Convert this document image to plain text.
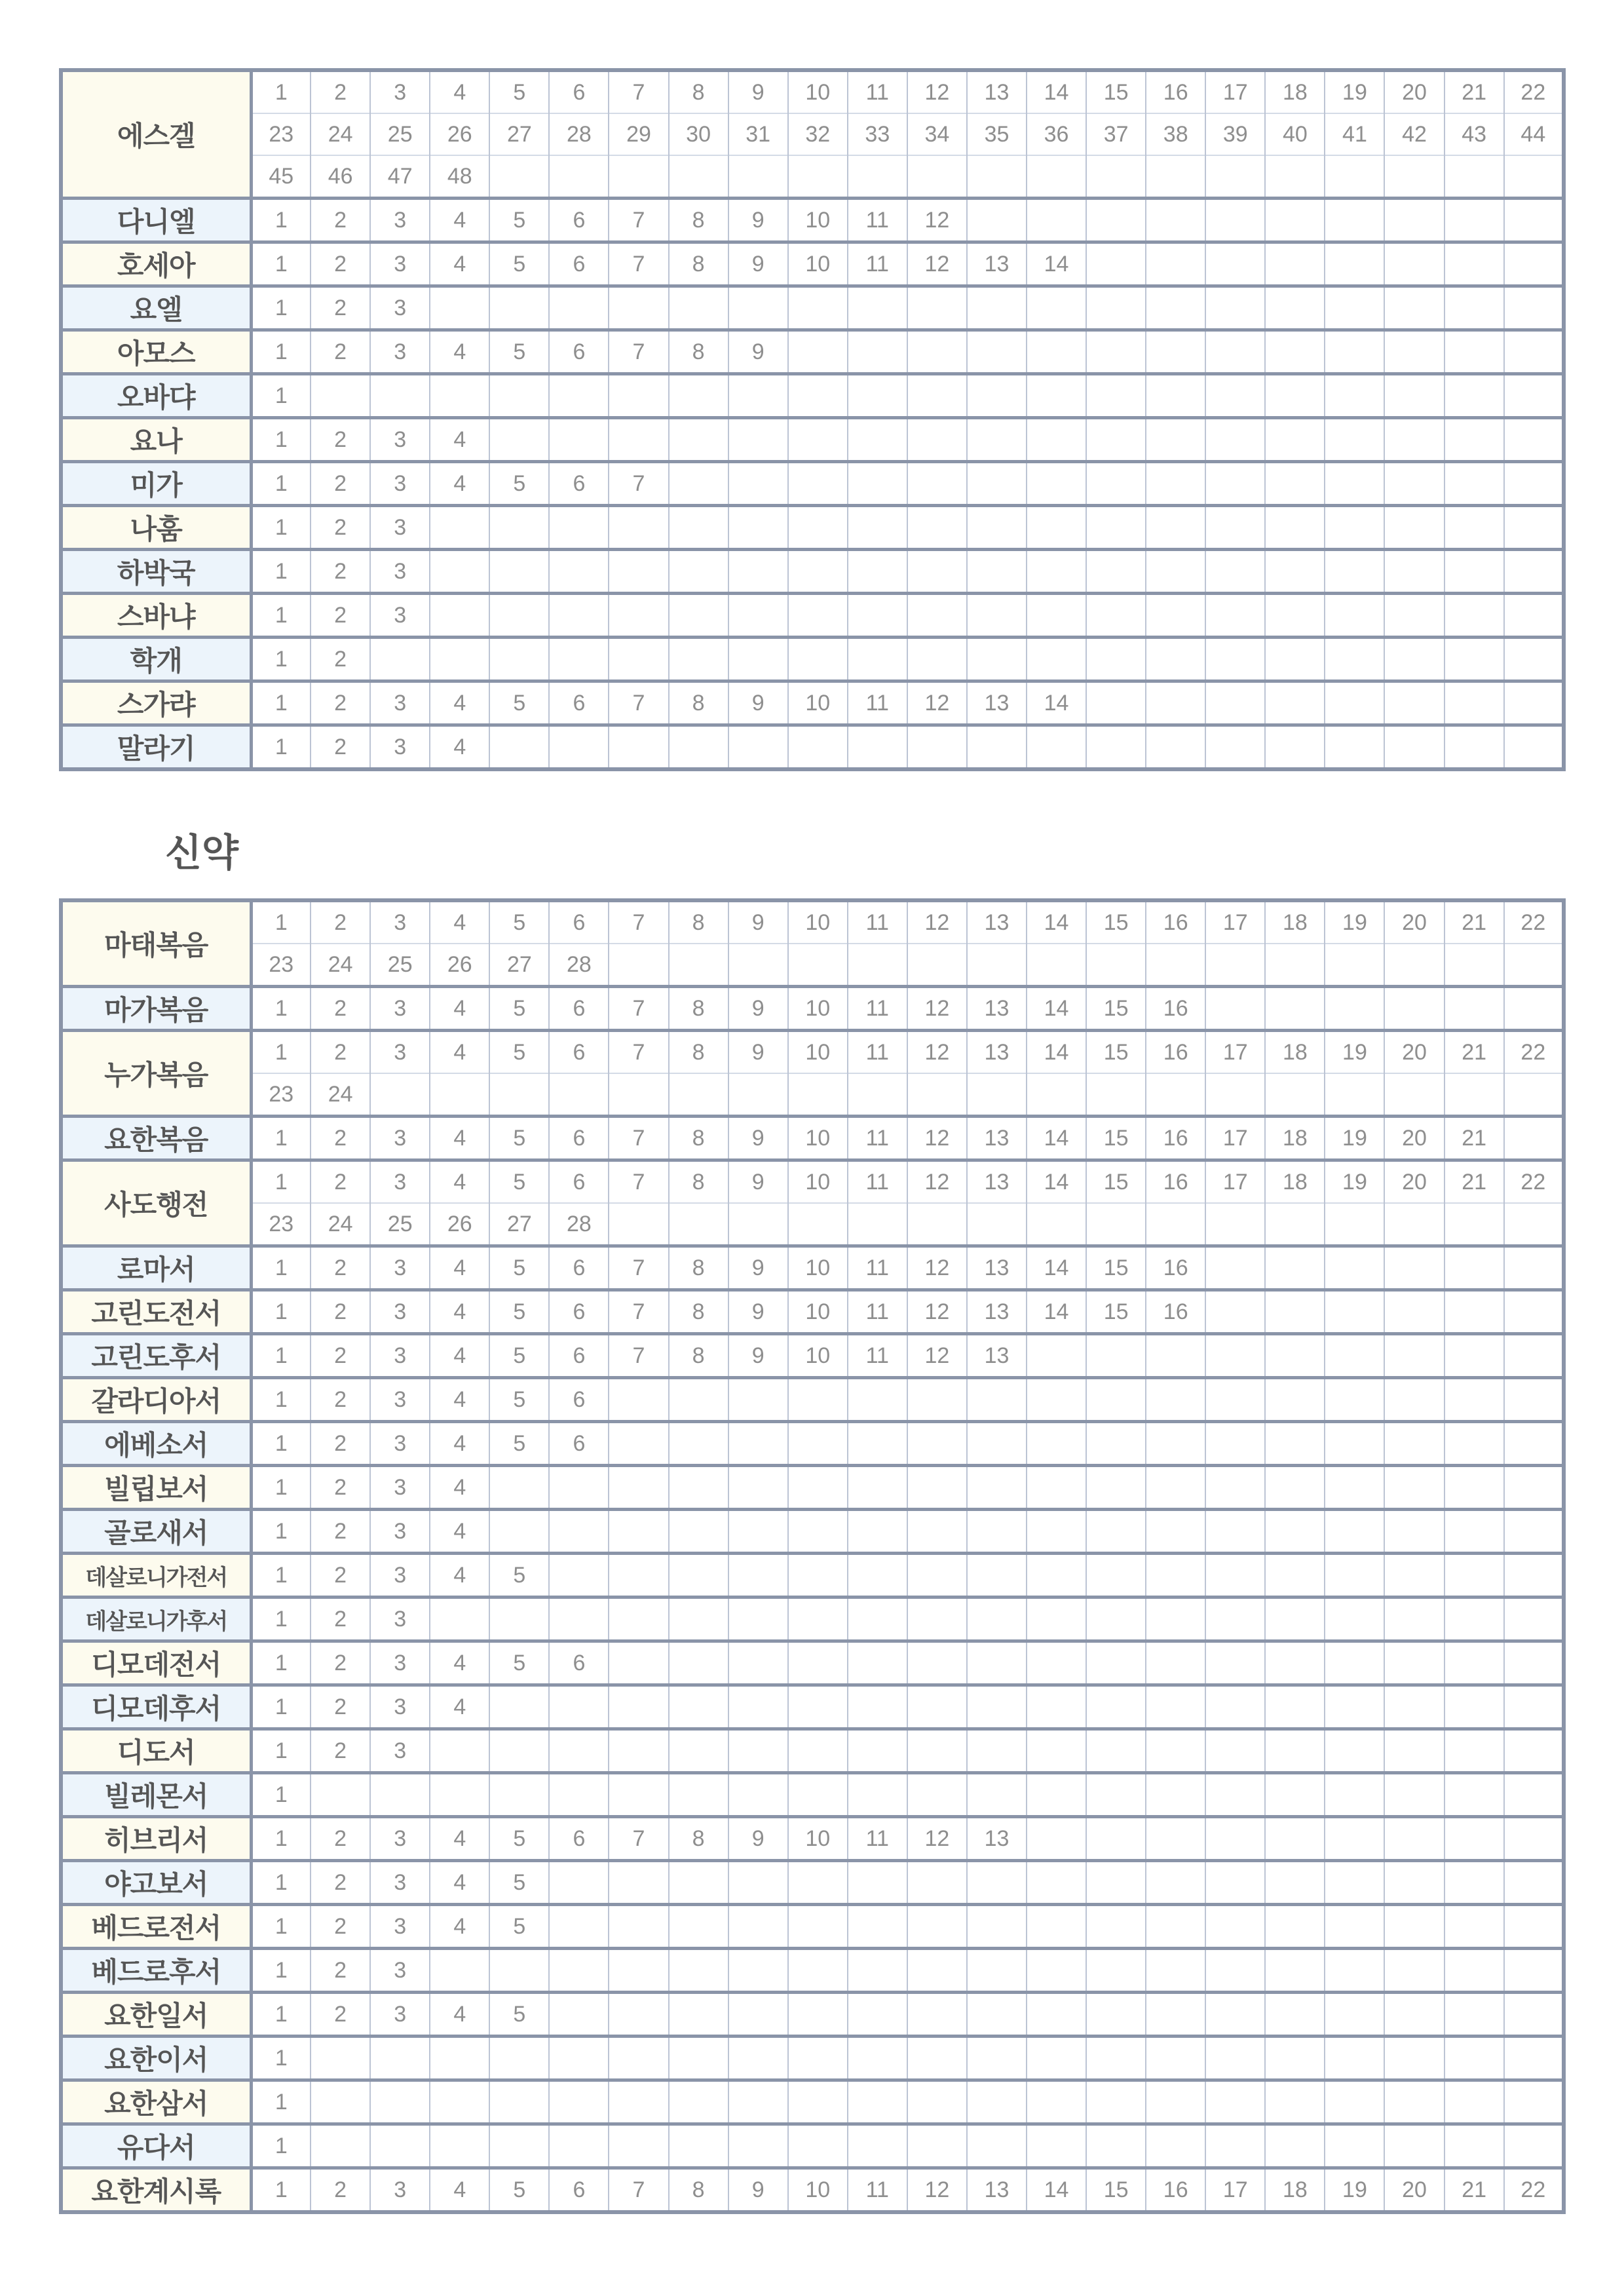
에스겔	1	2	3	4	5	6	7	8	9	10	11	12	13	14	15	16	17	18	19	20	21	22
	23	24	25	26	27	28	29	30	31	32	33	34	35	36	37	38	39	40	41	42	43	44
	45	46	47	48																		
다니엘	1	2	3	4	5	6	7	8	9	10	11	12										
호세아	1	2	3	4	5	6	7	8	9	10	11	12	13	14								
요엘	1	2	3																			
아모스	1	2	3	4	5	6	7	8	9													
오바댜	1																					
요나	1	2	3	4																		
미가	1	2	3	4	5	6	7															
나훔	1	2	3																			
하박국	1	2	3																			
스바냐	1	2	3																			
학개	1	2																				
스가랴	1	2	3	4	5	6	7	8	9	10	11	12	13	14								
말라기	1	2	3	4																		
신약
마태복음	1	2	3	4	5	6	7	8	9	10	11	12	13	14	15	16	17	18	19	20	21	22
	23	24	25	26	27	28																
마가복음	1	2	3	4	5	6	7	8	9	10	11	12	13	14	15	16						
누가복음	1	2	3	4	5	6	7	8	9	10	11	12	13	14	15	16	17	18	19	20	21	22
	23	24																				
요한복음	1	2	3	4	5	6	7	8	9	10	11	12	13	14	15	16	17	18	19	20	21	
사도행전	1	2	3	4	5	6	7	8	9	10	11	12	13	14	15	16	17	18	19	20	21	22
	23	24	25	26	27	28																
로마서	1	2	3	4	5	6	7	8	9	10	11	12	13	14	15	16						
고린도전서	1	2	3	4	5	6	7	8	9	10	11	12	13	14	15	16						
고린도후서	1	2	3	4	5	6	7	8	9	10	11	12	13									
갈라디아서	1	2	3	4	5	6																
에베소서	1	2	3	4	5	6																
빌립보서	1	2	3	4																		
골로새서	1	2	3	4																		
데살로니가전서	1	2	3	4	5																	
데살로니가후서	1	2	3																			
디모데전서	1	2	3	4	5	6																
디모데후서	1	2	3	4																		
디도서	1	2	3																			
빌레몬서	1																					
히브리서	1	2	3	4	5	6	7	8	9	10	11	12	13									
야고보서	1	2	3	4	5																	
베드로전서	1	2	3	4	5																	
베드로후서	1	2	3																			
요한일서	1	2	3	4	5																	
요한이서	1																					
요한삼서	1																					
유다서	1																					
요한계시록	1	2	3	4	5	6	7	8	9	10	11	12	13	14	15	16	17	18	19	20	21	22
